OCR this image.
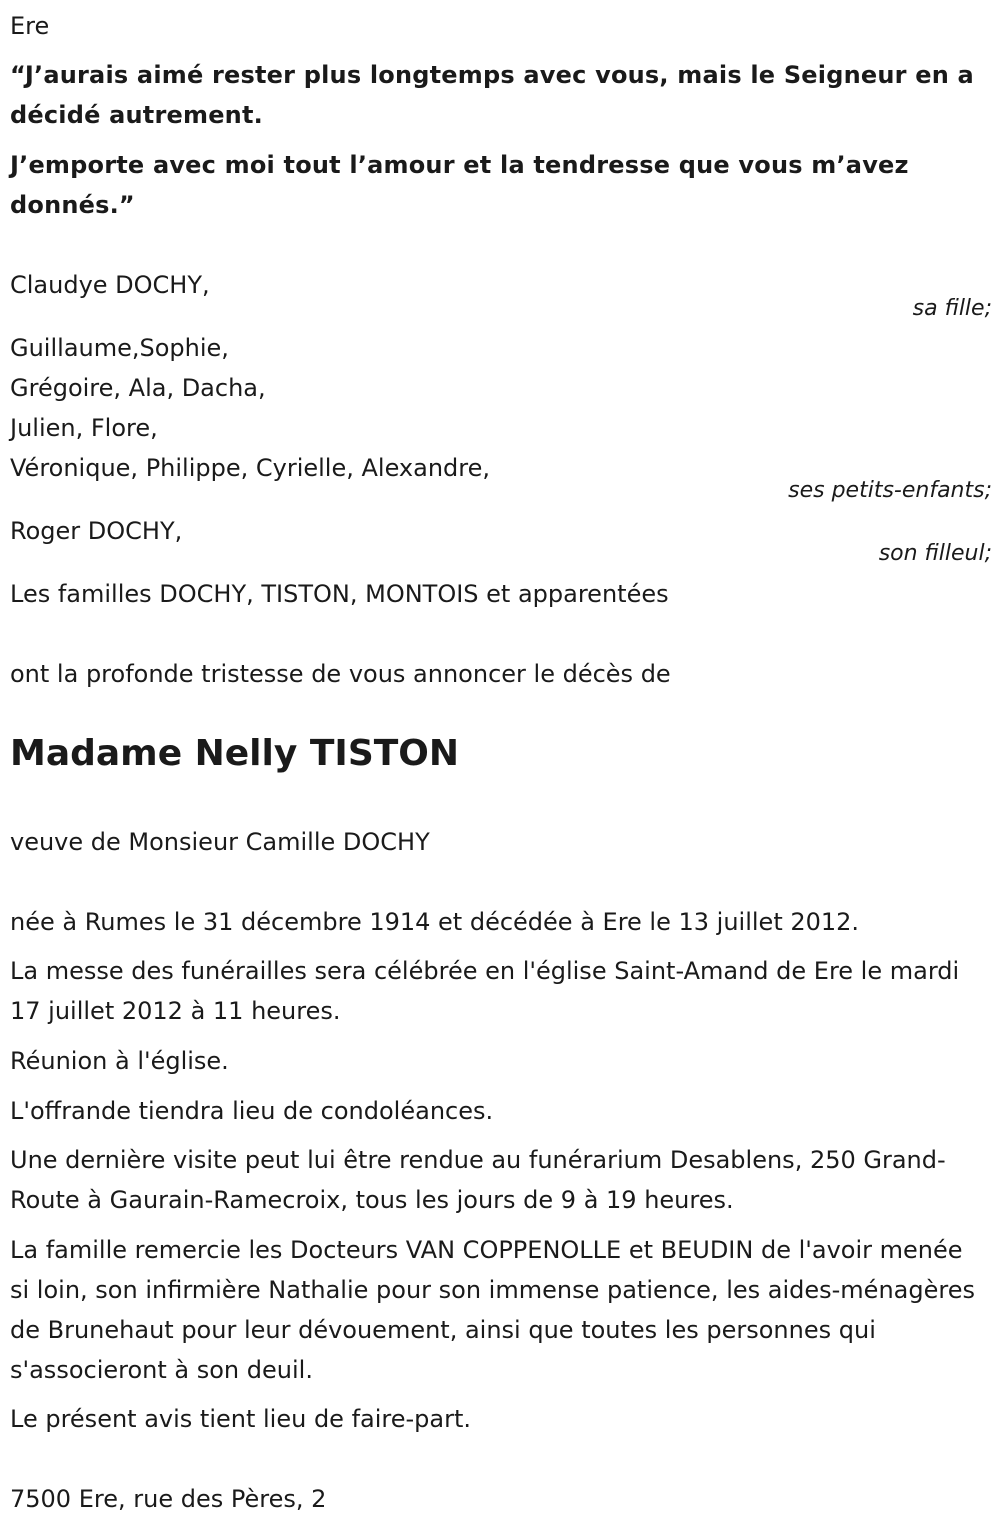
Ere
“J’aurais aimé rester plus longtemps avec vous, mais le Seigneur en a décidé autrement.
J’emporte avec moi tout l’amour et la tendresse que vous m’avez donnés.”
Claudye DOCHY,
sa fille;
Guillaume,Sophie,
Grégoire, Ala, Dacha,
Julien, Flore,
Véronique, Philippe, Cyrielle, Alexandre,
ses petits-enfants;
Roger DOCHY,
son filleul;
Les familles DOCHY, TISTON, MONTOIS et apparentées
ont la profonde tristesse de vous annoncer le décès de
Madame Nelly TISTON
veuve de Monsieur Camille DOCHY
née à Rumes le 31 décembre 1914 et décédée à Ere le 13 juillet 2012.
La messe des funérailles sera célébrée en l'église Saint-Amand de Ere le mardi 17 juillet 2012 à 11 heures.
Réunion à l'église.
L'offrande tiendra lieu de condoléances.
Une dernière visite peut lui être rendue au funérarium Desablens, 250 Grand-Route à Gaurain-Ramecroix, tous les jours de 9 à 19 heures.
La famille remercie les Docteurs VAN COPPENOLLE et BEUDIN de l'avoir menée si loin, son infirmière Nathalie pour son immense patience, les aides-ménagères de Brunehaut pour leur dévouement, ainsi que toutes les personnes qui s'associeront à son deuil.
Le présent avis tient lieu de faire-part.
7500 Ere, rue des Pères, 2
